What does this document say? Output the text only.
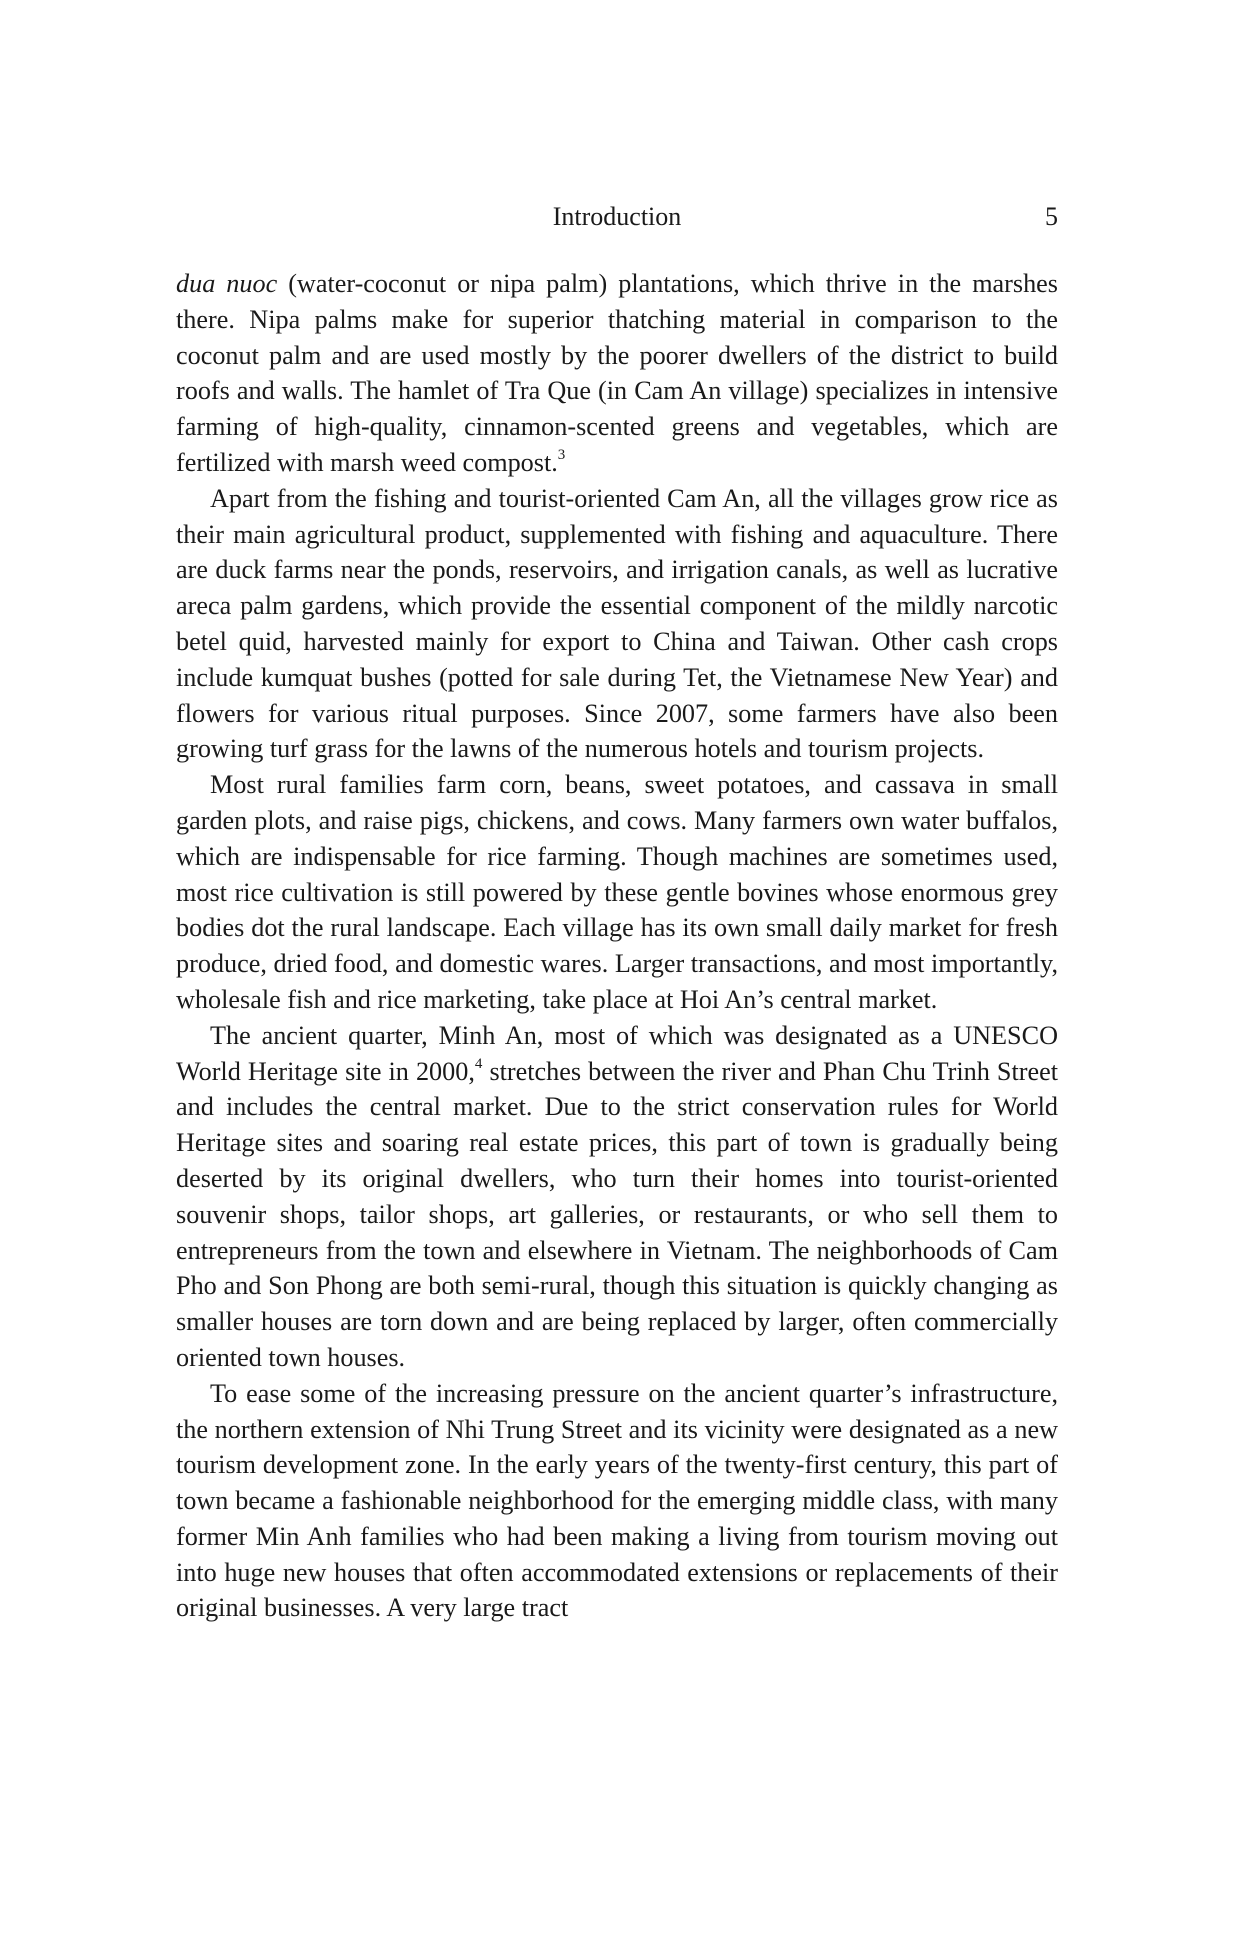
Introduction	5

dua nuoc (water-coconut or nipa palm) plantations, which thrive in the marshes there. Nipa palms make for superior thatching material in comparison to the coconut palm and are used mostly by the poorer dwellers of the district to build roofs and walls. The hamlet of Tra Que (in Cam An village) specializes in intensive farming of high-quality, cinnamon-scented greens and vegetables, which are fertilized with marsh weed compost.$^3$

Apart from the fishing and tourist-oriented Cam An, all the villages grow rice as their main agricultural product, supplemented with fishing and aquaculture. There are duck farms near the ponds, reservoirs, and irrigation canals, as well as lucrative areca palm gardens, which provide the essential component of the mildly narcotic betel quid, harvested mainly for export to China and Taiwan. Other cash crops include kumquat bushes (potted for sale during Tet, the Vietnamese New Year) and flowers for various ritual purposes. Since 2007, some farmers have also been growing turf grass for the lawns of the numerous hotels and tourism projects.

Most rural families farm corn, beans, sweet potatoes, and cassava in small garden plots, and raise pigs, chickens, and cows. Many farmers own water buffalos, which are indispensable for rice farming. Though machines are sometimes used, most rice cultivation is still powered by these gentle bovines whose enormous grey bodies dot the rural landscape. Each village has its own small daily market for fresh produce, dried food, and domestic wares. Larger transactions, and most importantly, wholesale fish and rice marketing, take place at Hoi An’s central market.

The ancient quarter, Minh An, most of which was designated as a UNESCO World Heritage site in 2000,$^4$ stretches between the river and Phan Chu Trinh Street and includes the central market. Due to the strict conservation rules for World Heritage sites and soaring real estate prices, this part of town is gradually being deserted by its original dwellers, who turn their homes into tourist-oriented souvenir shops, tailor shops, art galleries, or restaurants, or who sell them to entrepreneurs from the town and elsewhere in Vietnam. The neighborhoods of Cam Pho and Son Phong are both semi-rural, though this situation is quickly changing as smaller houses are torn down and are being replaced by larger, often commercially oriented town houses.

To ease some of the increasing pressure on the ancient quarter’s infrastructure, the northern extension of Nhi Trung Street and its vicinity were designated as a new tourism development zone. In the early years of the twenty-first century, this part of town became a fashionable neighborhood for the emerging middle class, with many former Min Anh families who had been making a living from tourism moving out into huge new houses that often accommodated extensions or replacements of their original businesses. A very large tract
